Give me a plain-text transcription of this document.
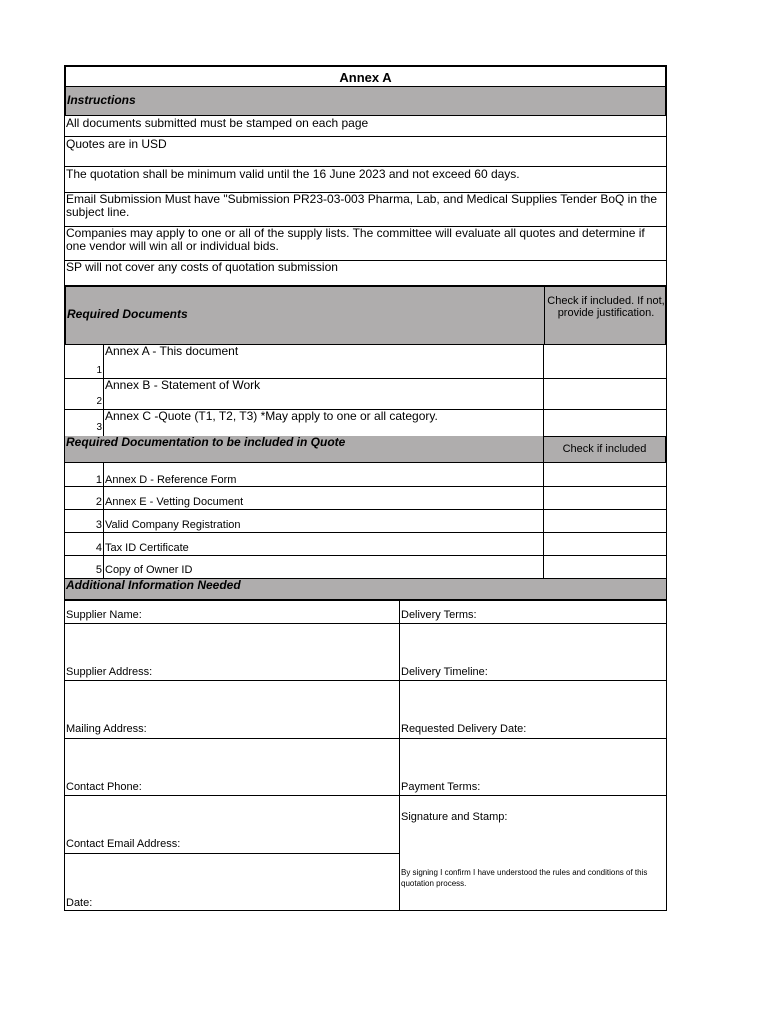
Annex A
Instructions
All documents submitted must be stamped on each page
Quotes are in USD
The quotation shall be minimum valid until the 16 June 2023 and not exceed 60 days.
Email Submission Must have "Submission PR23-03-003 Pharma, Lab, and Medical Supplies Tender BoQ in the subject line.
Companies may apply to one or all of the supply lists. The committee will evaluate all quotes and determine if one vendor will win all or individual bids.
SP will not cover any costs of quotation submission
Required Documents
Check if included. If not, provide justification.
1
Annex A - This document
2
Annex B - Statement of Work
3
Annex C -Quote (T1, T2, T3) *May apply to one or all category.
Required Documentation to be included in Quote	Check if included
1 Annex D - Reference Form
2 Annex E - Vetting Document
3 Valid Company Registration
4 Tax ID Certificate
5 Copy of Owner ID
Additional Information Needed
Supplier Name:
Supplier Address:
Mailing Address:
Contact Phone:
Contact Email Address:
Date:
Delivery Terms:
Delivery Timeline:
Requested Delivery Date:
Payment Terms:
Signature and Stamp:
By signing I confirm I have understood the rules and conditions of this quotation process.
